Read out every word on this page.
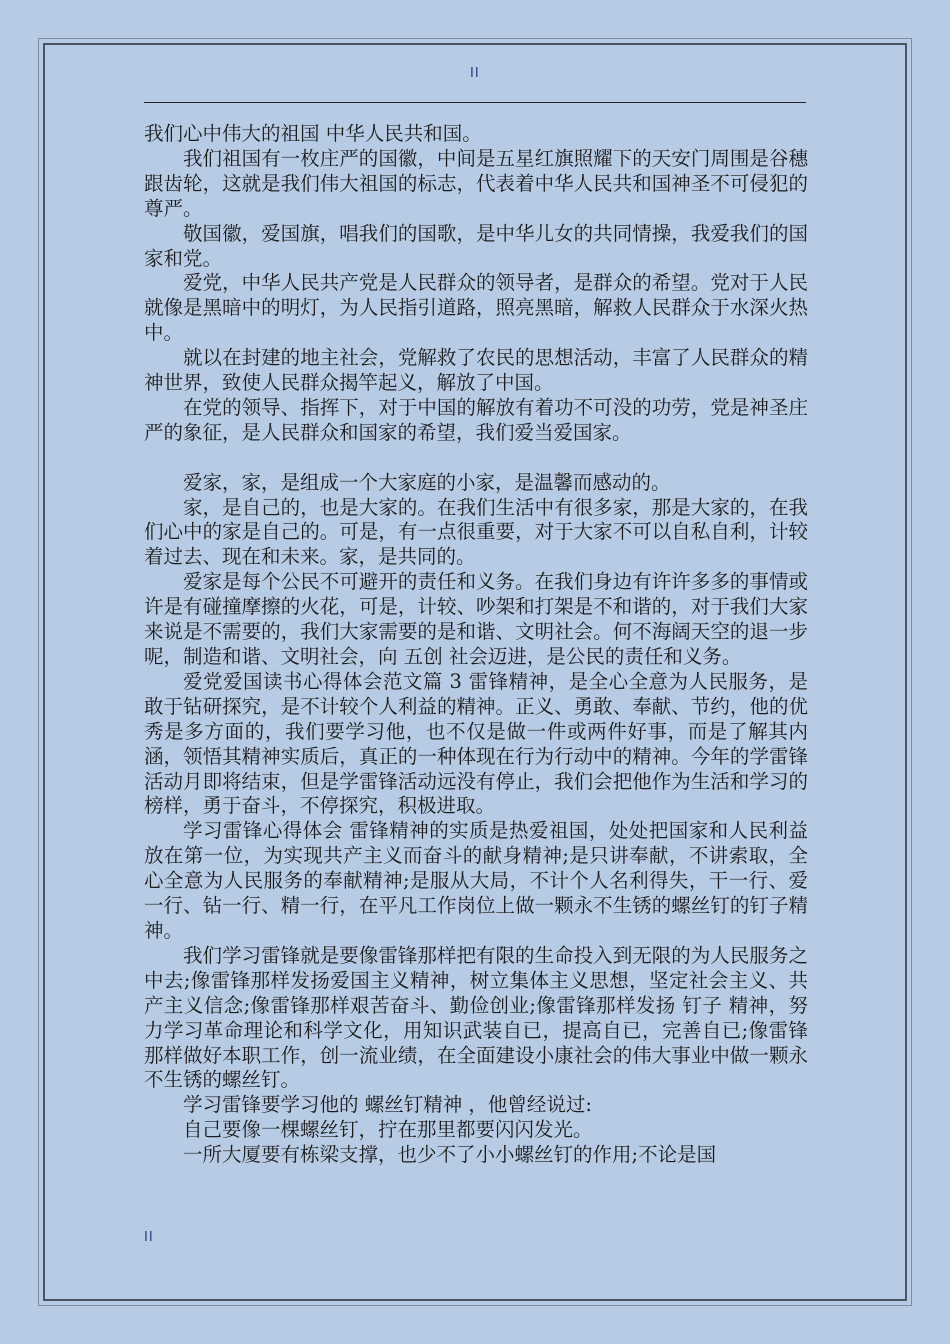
II

我们心中伟大的祖国 中华人民共和国。

我们祖国有一枚庄严的国徽，中间是五星红旗照耀下的天安门周围是谷穗跟齿轮，这就是我们伟大祖国的标志，代表着中华人民共和国神圣不可侵犯的尊严。

敬国徽，爱国旗，唱我们的国歌，是中华儿女的共同情操，我爱我们的国家和党。

爱党，中华人民共产党是人民群众的领导者，是群众的希望。党对于人民就像是黑暗中的明灯，为人民指引道路，照亮黑暗，解救人民群众于水深火热中。

就以在封建的地主社会，党解救了农民的思想活动，丰富了人民群众的精神世界，致使人民群众揭竿起义，解放了中国。

在党的领导、指挥下，对于中国的解放有着功不可没的功劳，党是神圣庄严的象征，是人民群众和国家的希望，我们爱当爱国家。

爱家，家，是组成一个大家庭的小家，是温馨而感动的。

家，是自己的，也是大家的。在我们生活中有很多家，那是大家的，在我们心中的家是自己的。可是，有一点很重要，对于大家不可以自私自利，计较着过去、现在和未来。家，是共同的。

爱家是每个公民不可避开的责任和义务。在我们身边有许许多多的事情或许是有碰撞摩擦的火花，可是，计较、吵架和打架是不和谐的，对于我们大家来说是不需要的，我们大家需要的是和谐、文明社会。何不海阔天空的退一步呢，制造和谐、文明社会，向 五创 社会迈进，是公民的责任和义务。

爱党爱国读书心得体会范文篇 3 雷锋精神，是全心全意为人民服务，是敢于钻研探究，是不计较个人利益的精神。正义、勇敢、奉献、节约，他的优秀是多方面的，我们要学习他，也不仅是做一件或两件好事，而是了解其内涵，领悟其精神实质后，真正的一种体现在行为行动中的精神。今年的学雷锋活动月即将结束，但是学雷锋活动远没有停止，我们会把他作为生活和学习的榜样，勇于奋斗，不停探究，积极进取。

学习雷锋心得体会 雷锋精神的实质是热爱祖国，处处把国家和人民利益放在第一位，为实现共产主义而奋斗的献身精神;是只讲奉献，不讲索取，全心全意为人民服务的奉献精神;是服从大局，不计个人名利得失，干一行、爱一行、钻一行、精一行，在平凡工作岗位上做一颗永不生锈的螺丝钉的钉子精神。

我们学习雷锋就是要像雷锋那样把有限的生命投入到无限的为人民服务之中去;像雷锋那样发扬爱国主义精神，树立集体主义思想，坚定社会主义、共产主义信念;像雷锋那样艰苦奋斗、勤俭创业;像雷锋那样发扬 钉子 精神，努力学习革命理论和科学文化，用知识武装自已，提高自已，完善自已;像雷锋那样做好本职工作，创一流业绩，在全面建设小康社会的伟大事业中做一颗永不生锈的螺丝钉。

学习雷锋要学习他的 螺丝钉精神 ，他曾经说过:

自己要像一棵螺丝钉，拧在那里都要闪闪发光。

一所大厦要有栋梁支撑，也少不了小小螺丝钉的作用;不论是国

II
